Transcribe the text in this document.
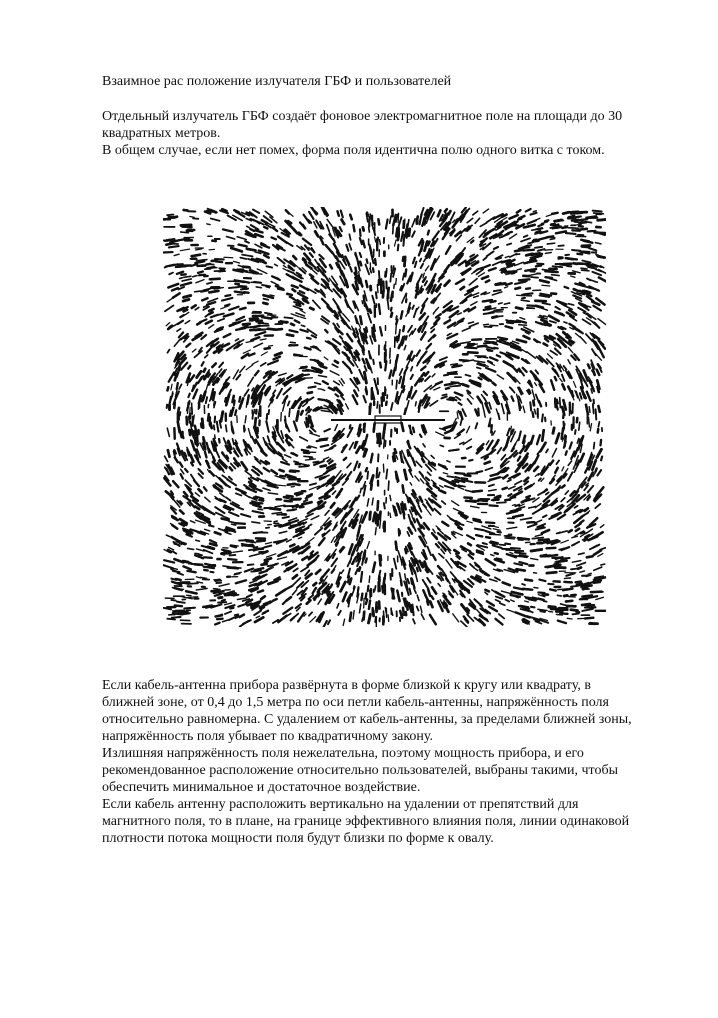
Взаимное рас положение излучателя ГБФ и пользователей
Отдельный излучатель ГБФ создаёт фоновое электромагнитное поле на площади до 30
квадратных метров.
В общем случае, если нет помех, форма поля идентична полю одного витка с током.
Если кабель-антенна прибора развёрнута в форме близкой к кругу или квадрату, в
ближней зоне, от 0,4 до 1,5 метра по оси петли кабель-антенны, напряжённость поля
относительно равномерна. С удалением от кабель-антенны, за пределами ближней зоны,
напряжённость поля убывает по квадратичному закону.
Излишняя напряжённость поля нежелательна, поэтому мощность прибора, и его
рекомендованное расположение относительно пользователей, выбраны такими, чтобы
обеспечить минимальное и достаточное воздействие.
Если кабель антенну расположить вертикально на удалении от препятствий для
магнитного поля, то в плане, на границе эффективного влияния поля, линии одинаковой
плотности потока мощности поля будут близки по форме к овалу.
